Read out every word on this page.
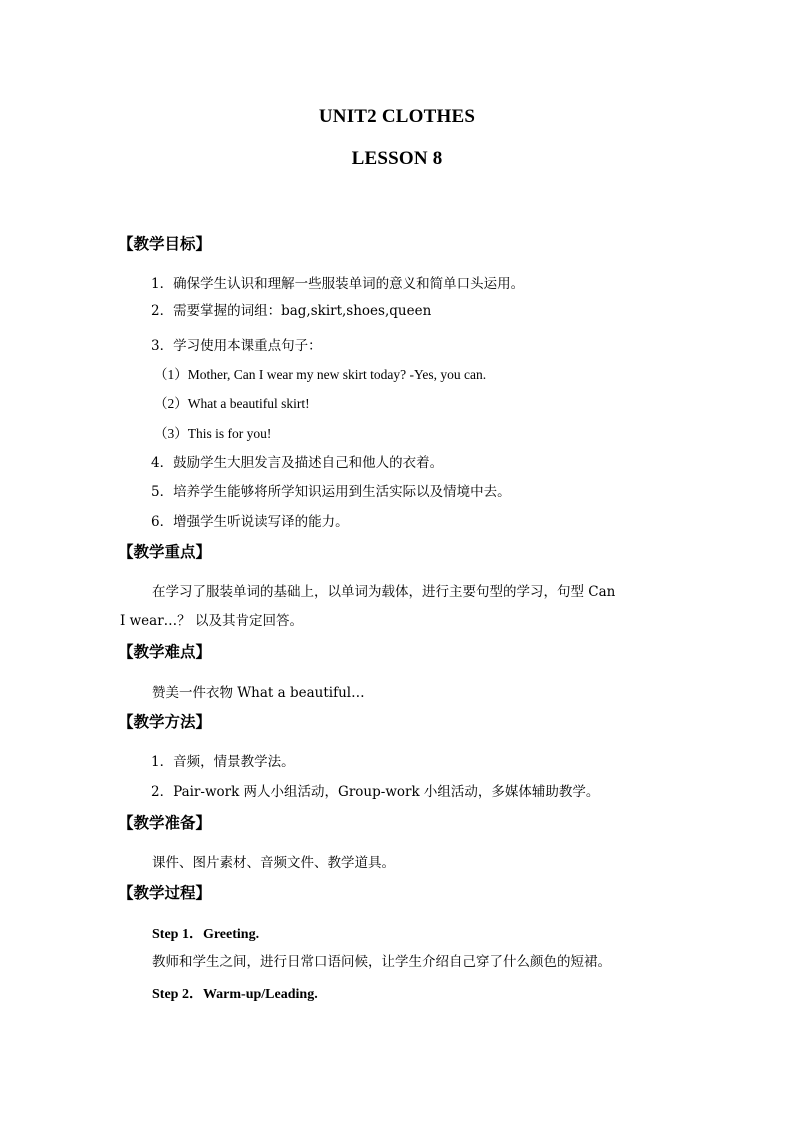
UNIT2 CLOTHES
LESSON 8
【教学目标】
1．确保学生认识和理解一些服装单词的意义和简单口头运用。
2．需要掌握的词组：bag,skirt,shoes,queen
3．学习使用本课重点句子：
（1）Mother, Can I wear my new skirt today? -Yes, you can.
（2）What a beautiful skirt!
（3）This is for you!
4．鼓励学生大胆发言及描述自己和他人的衣着。
5．培养学生能够将所学知识运用到生活实际以及情境中去。
6．增强学生听说读写译的能力。
【教学重点】
在学习了服装单词的基础上，以单词为载体，进行主要句型的学习，句型 Can
I wear…？ 以及其肯定回答。
【教学难点】
赞美一件衣物 What a beautiful…
【教学方法】
1．音频，情景教学法。
2．Pair-work 两人小组活动，Group-work 小组活动，多媒体辅助教学。
【教学准备】
课件、图片素材、音频文件、教学道具。
【教学过程】
Step 1．Greeting.
教师和学生之间，进行日常口语问候，让学生介绍自己穿了什么颜色的短裙。
Step 2．Warm-up/Leading.
